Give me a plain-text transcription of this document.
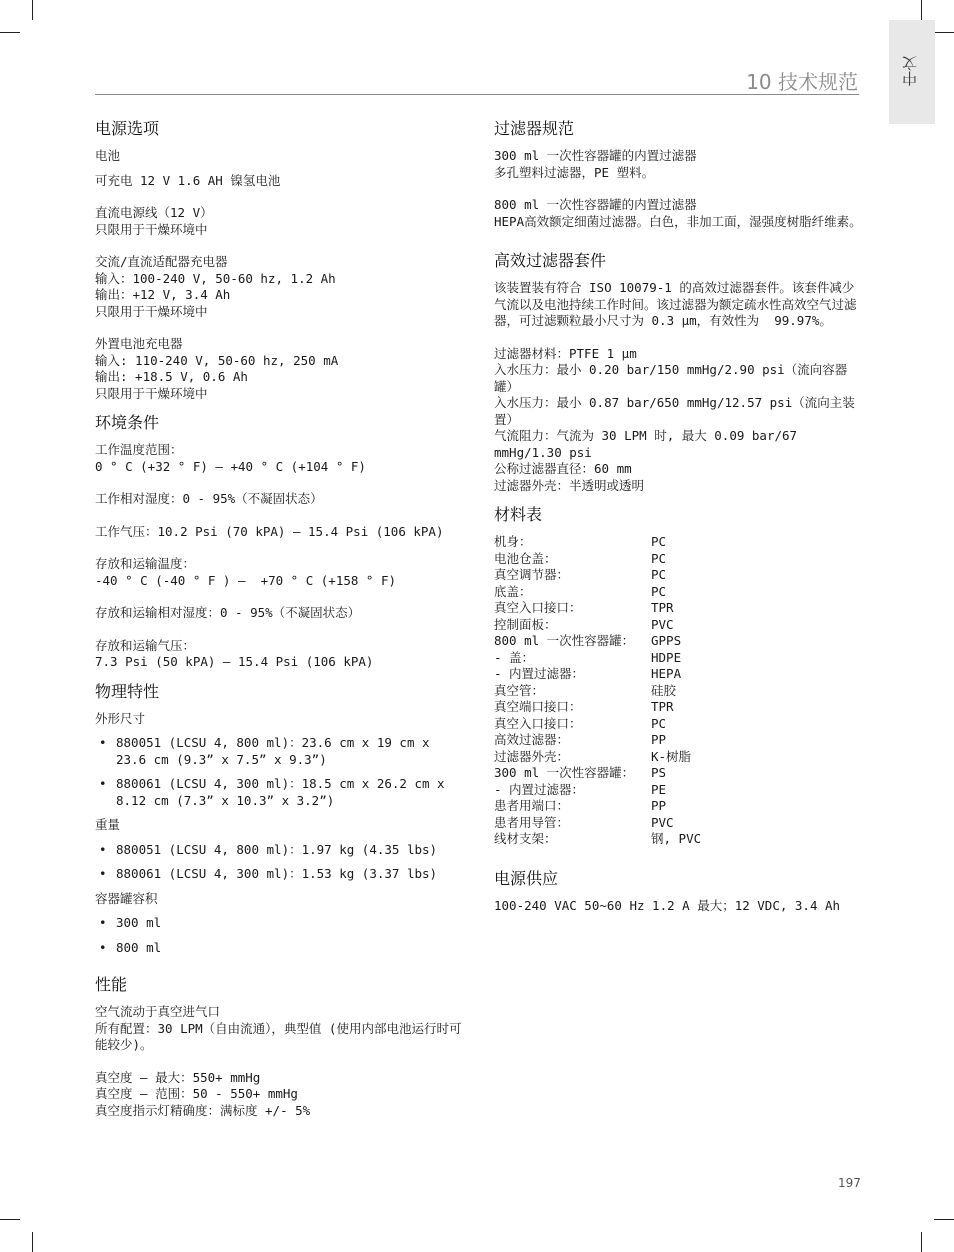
中文
10 技术规范
电源选项

电池

可充电 12 V 1.6 AH 镍氢电池

直流电源线（12 V）
只限用于干燥环境中

交流/直流适配器充电器
输入：100-240 V, 50-60 hz, 1.2 Ah
输出：+12 V, 3.4 Ah
只限用于干燥环境中

外置电池充电器
输入: 110-240 V, 50-60 hz, 250 mA
输出: +18.5 V, 0.6 Ah
只限用于干燥环境中

环境条件

工作温度范围：
0 ° C (+32 ° F) – +40 ° C (+104 ° F)

工作相对湿度：0 - 95%（不凝固状态）

工作气压：10.2 Psi (70 kPA) – 15.4 Psi (106 kPA)

存放和运输温度：
-40 ° C (-40 ° F ) –  +70 ° C (+158 ° F)

存放和运输相对湿度：0 - 95%（不凝固状态）

存放和运输气压：
7.3 Psi (50 kPA) – 15.4 Psi (106 kPA)

物理特性

外形尺寸

• 880051 (LCSU 4, 800 ml)：23.6 cm x 19 cm x 23.6 cm (9.3” x 7.5” x 9.3”)
• 880061 (LCSU 4, 300 ml)：18.5 cm x 26.2 cm x 8.12 cm (7.3” x 10.3” x 3.2”)

重量

• 880051 (LCSU 4, 800 ml)：1.97 kg (4.35 lbs)
• 880061 (LCSU 4, 300 ml)：1.53 kg (3.37 lbs)

容器罐容积

• 300 ml
• 800 ml
性能

空气流动于真空进气口
所有配置：30 LPM（自由流通），典型值 (使用内部电池运行时可能较少)。

真空度 – 最大：550+ mmHg
真空度 – 范围：50 - 550+ mmHg
真空度指示灯精确度：满标度 +/- 5%

过滤器规范

300 ml 一次性容器罐的内置过滤器
多孔塑料过滤器，PE 塑料。

800 ml 一次性容器罐的内置过滤器
HEPA高效额定细菌过滤器。白色，非加工面，湿强度树脂纤维素。

高效过滤器套件

该装置装有符合 ISO 10079-1 的高效过滤器套件。该套件减少气流以及电池持续工作时间。该过滤器为额定疏水性高效空气过滤器，可过滤颗粒最小尺寸为 0.3 µm，有效性为  99.97%。

过滤器材料：PTFE 1 µm
入水压力：最小 0.20 bar/150 mmHg/2.90 psi（流向容器罐）
入水压力：最小 0.87 bar/650 mmHg/12.57 psi（流向主装置）
气流阻力：气流为 30 LPM 时, 最大 0.09 bar/67 mmHg/1.30 psi
公称过滤器直径：60 mm
过滤器外壳：半透明或透明

材料表
机身：	PC
电池仓盖：	PC
真空调节器：	PC
底盖：	PC
真空入口接口：	TPR
控制面板：	PVC
800 ml 一次性容器罐：	GPPS
- 盖：	HDPE
- 内置过滤器：	HEPA
真空管：	硅胶
真空端口接口：	TPR
真空入口接口：	PC
高效过滤器：	PP
过滤器外壳：	K-树脂
300 ml 一次性容器罐：	PS
- 内置过滤器：	PE
患者用端口：	PP
患者用导管：	PVC
线材支架：	钢, PVC
电源供应

100-240 VAC 50~60 Hz 1.2 A 最大；12 VDC, 3.4 Ah

197
